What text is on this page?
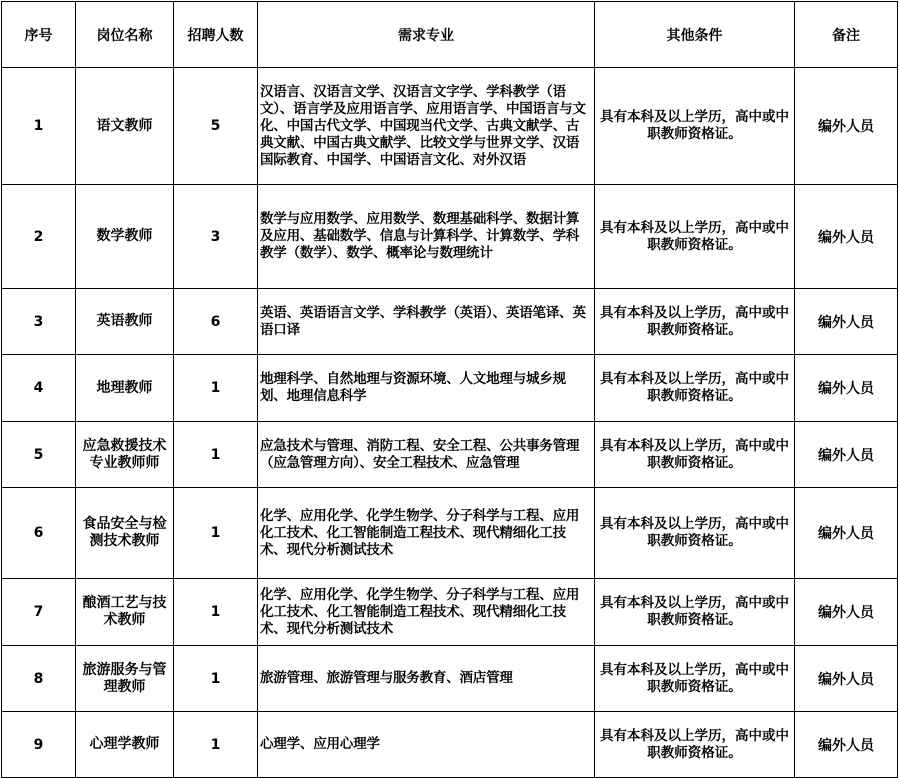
序号	岗位名称	招聘人数	需求专业	其他条件	备注
1	语文教师	5	汉语言、汉语言文学、汉语言文字学、学科教学（语文）、语言学及应用语言学、应用语言学、中国语言与文化、中国古代文学、中国现当代文学、古典文献学、古典文献、中国古典文献学、比较文学与世界文学、汉语国际教育、中国学、中国语言文化、对外汉语	具有本科及以上学历，高中或中职教师资格证。	编外人员
2	数学教师	3	数学与应用数学、应用数学、数理基础科学、数据计算及应用、基础数学、信息与计算科学、计算数学、学科教学（数学）、数学、概率论与数理统计	具有本科及以上学历，高中或中职教师资格证。	编外人员
3	英语教师	6	英语、英语语言文学、学科教学（英语）、英语笔译、英语口译	具有本科及以上学历，高中或中职教师资格证。	编外人员
4	地理教师	1	地理科学、自然地理与资源环境、人文地理与城乡规划、地理信息科学	具有本科及以上学历，高中或中职教师资格证。	编外人员
5	应急救援技术专业教师师	1	应急技术与管理、消防工程、安全工程、公共事务管理（应急管理方向）、安全工程技术、应急管理	具有本科及以上学历，高中或中职教师资格证。	编外人员
6	食品安全与检测技术教师	1	化学、应用化学、化学生物学、分子科学与工程、应用化工技术、化工智能制造工程技术、现代精细化工技术、现代分析测试技术	具有本科及以上学历，高中或中职教师资格证。	编外人员
7	酿酒工艺与技术教师	1	化学、应用化学、化学生物学、分子科学与工程、应用化工技术、化工智能制造工程技术、现代精细化工技术、现代分析测试技术	具有本科及以上学历，高中或中职教师资格证。	编外人员
8	旅游服务与管理教师	1	旅游管理、旅游管理与服务教育、酒店管理	具有本科及以上学历，高中或中职教师资格证。	编外人员
9	心理学教师	1	心理学、应用心理学	具有本科及以上学历，高中或中职教师资格证。	编外人员
